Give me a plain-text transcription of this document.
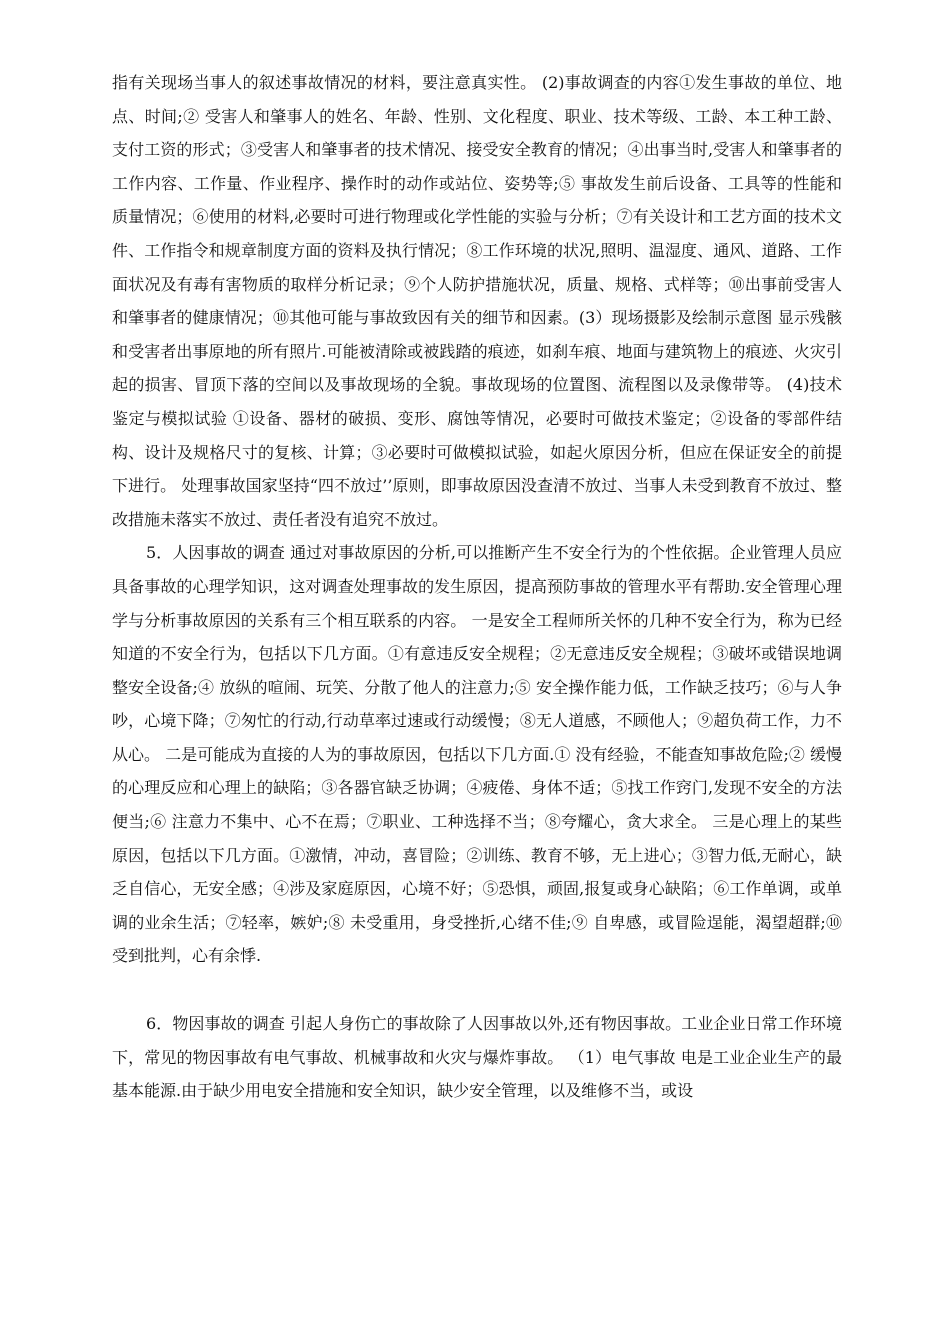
指有关现场当事人的叙述事故情况的材料，要注意真实性。 (2)事故调查的内容①发生事故的单位、地点、时间;② 受害人和肇事人的姓名、年龄、性别、文化程度、职业、技术等级、工龄、本工种工龄、支付工资的形式；③受害人和肇事者的技术情况、接受安全教育的情况；④出事当时,受害人和肇事者的工作内容、工作量、作业程序、操作时的动作或站位、姿势等;⑤ 事故发生前后设备、工具等的性能和质量情况；⑥使用的材料,必要时可进行物理或化学性能的实验与分析；⑦有关设计和工艺方面的技术文件、工作指令和规章制度方面的资料及执行情况；⑧工作环境的状况,照明、温湿度、通风、道路、工作面状况及有毒有害物质的取样分析记录；⑨个人防护措施状况，质量、规格、式样等；⑩出事前受害人和肇事者的健康情况；⑩其他可能与事故致因有关的细节和因素。(3）现场摄影及绘制示意图 显示残骸和受害者出事原地的所有照片.可能被清除或被践踏的痕迹，如刹车痕、地面与建筑物上的痕迹、火灾引起的损害、冒顶下落的空间以及事故现场的全貌。事故现场的位置图、流程图以及录像带等。 (4)技术鉴定与模拟试验 ①设备、器材的破损、变形、腐蚀等情况，必要时可做技术鉴定；②设备的零部件结构、设计及规格尺寸的复核、计算；③必要时可做模拟试验，如起火原因分析，但应在保证安全的前提下进行。 处理事故国家坚持“四不放过’’原则，即事故原因没查清不放过、当事人未受到教育不放过、整改措施未落实不放过、责任者没有追究不放过。

5．人因事故的调查 通过对事故原因的分析,可以推断产生不安全行为的个性依据。企业管理人员应具备事故的心理学知识，这对调查处理事故的发生原因，提高预防事故的管理水平有帮助.安全管理心理学与分析事故原因的关系有三个相互联系的内容。 一是安全工程师所关怀的几种不安全行为，称为已经知道的不安全行为，包括以下几方面。①有意违反安全规程；②无意违反安全规程；③破坏或错误地调整安全设备;④ 放纵的喧闹、玩笑、分散了他人的注意力;⑤ 安全操作能力低，工作缺乏技巧；⑥与人争吵，心境下降；⑦匆忙的行动,行动草率过速或行动缓慢；⑧无人道感，不顾他人；⑨超负荷工作，力不从心。 二是可能成为直接的人为的事故原因，包括以下几方面.① 没有经验，不能查知事故危险;② 缓慢的心理反应和心理上的缺陷；③各器官缺乏协调；④疲倦、身体不适；⑤找工作窍门,发现不安全的方法便当;⑥ 注意力不集中、心不在焉；⑦职业、工种选择不当；⑧夸耀心，贪大求全。 三是心理上的某些原因，包括以下几方面。①激情，冲动，喜冒险；②训练、教育不够，无上进心；③智力低,无耐心，缺乏自信心，无安全感；④涉及家庭原因，心境不好；⑤恐惧，顽固,报复或身心缺陷；⑥工作单调，或单调的业余生活；⑦轻率，嫉妒;⑧ 未受重用，身受挫折,心绪不佳;⑨ 自卑感，或冒险逞能，渴望超群;⑩ 受到批判，心有余悸.

6．物因事故的调查 引起人身伤亡的事故除了人因事故以外,还有物因事故。工业企业日常工作环境下，常见的物因事故有电气事故、机械事故和火灾与爆炸事故。 （1）电气事故 电是工业企业生产的最基本能源.由于缺少用电安全措施和安全知识，缺少安全管理，以及维修不当，或设
